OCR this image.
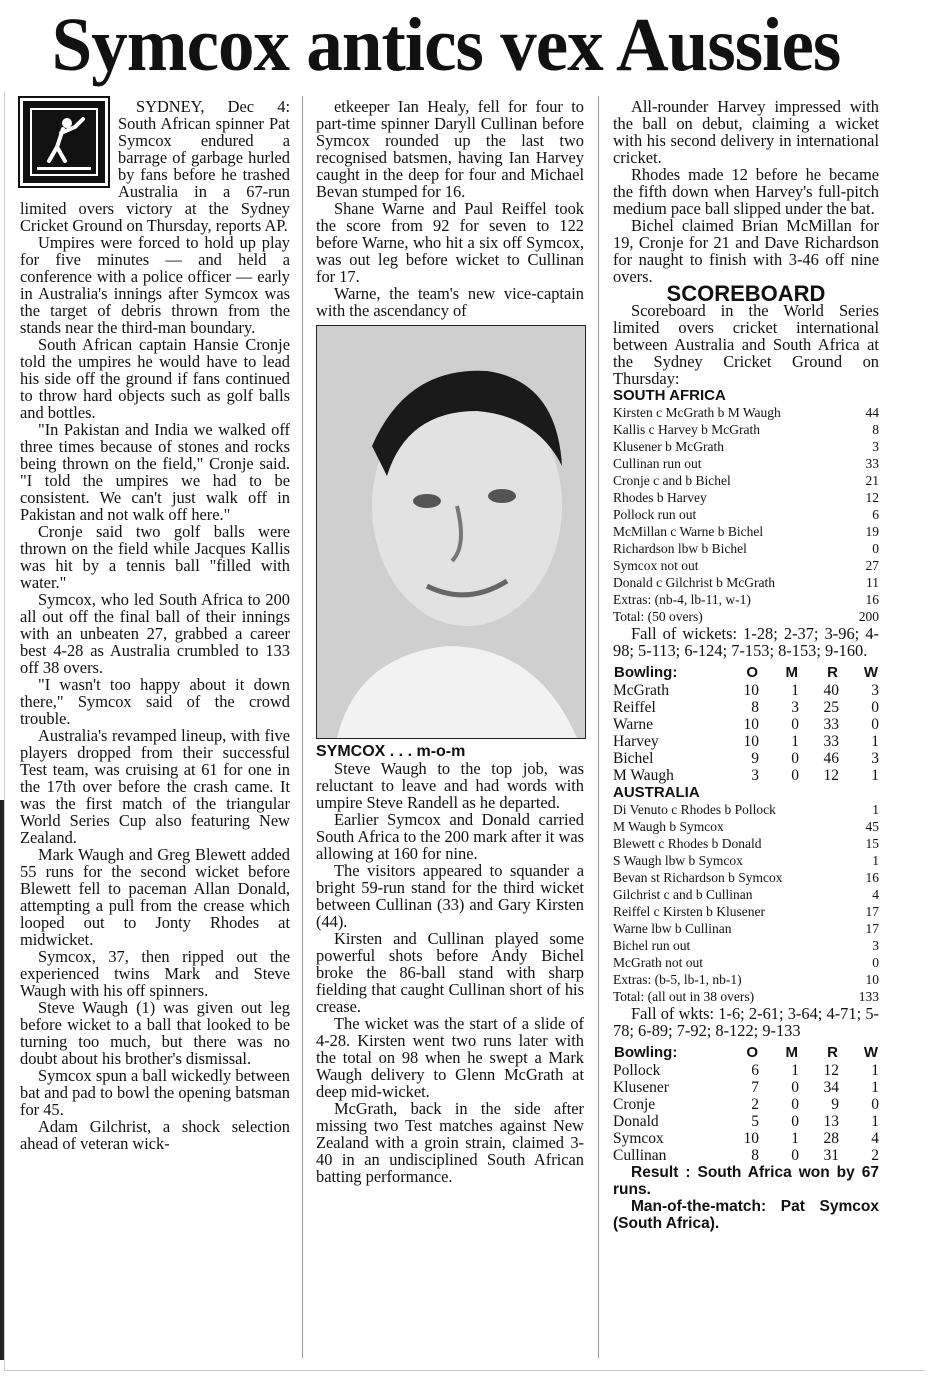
Symcox antics vex Aussies

SYDNEY, Dec 4: South African spinner Pat Symcox endured a barrage of garbage hurled by fans before he trashed Australia in a 67-run limited overs victory at the Sydney Cricket Ground on Thursday, reports AP.

Umpires were forced to hold up play for five minutes — and held a conference with a police officer — early in Australia's innings after Symcox was the target of debris thrown from the stands near the third-man boundary.

South African captain Hansie Cronje told the umpires he would have to lead his side off the ground if fans continued to throw hard objects such as golf balls and bottles.

"In Pakistan and India we walked off three times because of stones and rocks being thrown on the field," Cronje said. "I told the umpires we had to be consistent. We can't just walk off in Pakistan and not walk off here."

Cronje said two golf balls were thrown on the field while Jacques Kallis was hit by a tennis ball "filled with water."

Symcox, who led South Africa to 200 all out off the final ball of their innings with an unbeaten 27, grabbed a career best 4-28 as Australia crumbled to 133 off 38 overs.

"I wasn't too happy about it down there," Symcox said of the crowd trouble.

Australia's revamped lineup, with five players dropped from their successful Test team, was cruising at 61 for one in the 17th over before the crash came. It was the first match of the triangular World Series Cup also featuring New Zealand.

Mark Waugh and Greg Blewett added 55 runs for the second wicket before Blewett fell to paceman Allan Donald, attempting a pull from the crease which looped out to Jonty Rhodes at midwicket.

Symcox, 37, then ripped out the experienced twins Mark and Steve Waugh with his off spinners.

Steve Waugh (1) was given out leg before wicket to a ball that looked to be turning too much, but there was no doubt about his brother's dismissal.

Symcox spun a ball wickedly between bat and pad to bowl the opening batsman for 45.

Adam Gilchrist, a shock selection ahead of veteran wick-

etkeeper Ian Healy, fell for four to part-time spinner Daryll Cullinan before Symcox rounded up the last two recognised batsmen, having Ian Harvey caught in the deep for four and Michael Bevan stumped for 16.

Shane Warne and Paul Reiffel took the score from 92 for seven to 122 before Warne, who hit a six off Symcox, was out leg before wicket to Cullinan for 17.

Warne, the team's new vice-captain with the ascendancy of

SYMCOX . . . m-o-m

Steve Waugh to the top job, was reluctant to leave and had words with umpire Steve Randell as he departed.

Earlier Symcox and Donald carried South Africa to the 200 mark after it was allowing at 160 for nine.

The visitors appeared to squander a bright 59-run stand for the third wicket between Cullinan (33) and Gary Kirsten (44).

Kirsten and Cullinan played some powerful shots before Andy Bichel broke the 86-ball stand with sharp fielding that caught Cullinan short of his crease.

The wicket was the start of a slide of 4-28. Kirsten went two runs later with the total on 98 when he swept a Mark Waugh delivery to Glenn McGrath at deep mid-wicket.

McGrath, back in the side after missing two Test matches against New Zealand with a groin strain, claimed 3-40 in an undisciplined South African batting performance.

All-rounder Harvey impressed with the ball on debut, claiming a wicket with his second delivery in international cricket.

Rhodes made 12 before he became the fifth down when Harvey's full-pitch medium pace ball slipped under the bat.

Bichel claimed Brian McMillan for 19, Cronje for 21 and Dave Richardson for naught to finish with 3-46 off nine overs.

SCOREBOARD

Scoreboard in the World Series limited overs cricket international between Australia and South Africa at the Sydney Cricket Ground on Thursday:

SOUTH AFRICA

Kirsten c McGrath b M Waugh	44
Kallis c Harvey b McGrath	8
Klusener b McGrath	3
Cullinan run out	33
Cronje c and b Bichel	21
Rhodes b Harvey	12
Pollock run out	6
McMillan c Warne b Bichel	19
Richardson lbw b Bichel	0
Symcox not out	27
Donald c Gilchrist b McGrath	11
Extras: (nb-4, lb-11, w-1)	16
Total: (50 overs)	200

Fall of wickets: 1-28; 2-37; 3-96; 4-98; 5-113; 6-124; 7-153; 8-153; 9-160.

Bowling:	O	M	R	W
McGrath	10	1	40	3
Reiffel	8	3	25	0
Warne	10	0	33	0
Harvey	10	1	33	1
Bichel	9	0	46	3
M Waugh	3	0	12	1

AUSTRALIA

Di Venuto c Rhodes b Pollock	1
M Waugh b Symcox	45
Blewett c Rhodes b Donald	15
S Waugh lbw b Symcox	1
Bevan st Richardson b Symcox	16
Gilchrist c and b Cullinan	4
Reiffel c Kirsten b Klusener	17
Warne lbw b Cullinan	17
Bichel run out	3
McGrath not out	0
Extras: (b-5, lb-1, nb-1)	10
Total: (all out in 38 overs)	133

Fall of wkts: 1-6; 2-61; 3-64; 4-71; 5-78; 6-89; 7-92; 8-122; 9-133

Bowling:	O	M	R	W
Pollock	6	1	12	1
Klusener	7	0	34	1
Cronje	2	0	9	0
Donald	5	0	13	1
Symcox	10	1	28	4
Cullinan	8	0	31	2

Result : South Africa won by 67 runs.

Man-of-the-match: Pat Symcox (South Africa).
